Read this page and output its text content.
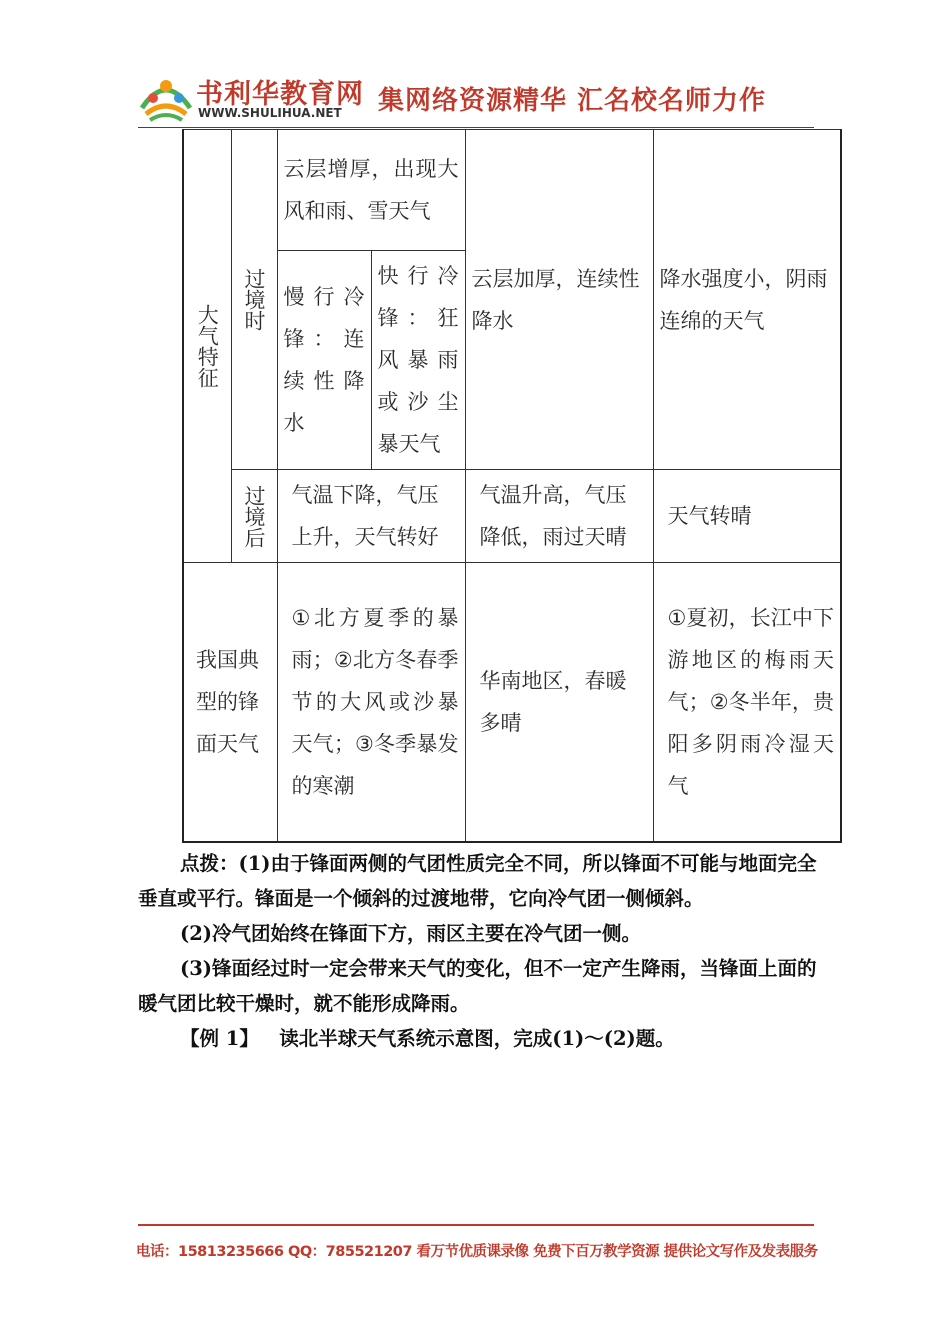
书利华教育网
WWW.SHULIHUA.NET 集网络资源精华 汇名校名师力作
大气特征	过境时	云层增厚，出现大风和雨、雪天气		云层加厚，连续性降水	降水强度小，阴雨连绵的天气
		慢行冷锋：连续性降水	快行冷锋：狂风暴雨或沙尘暴天气		
	过境后	气温下降，气压上升，天气转好		气温升高，气压降低，雨过天晴	天气转晴
我国典型的锋面天气		①北方夏季的暴雨；②北方冬春季节的大风或沙暴天气；③冬季暴发的寒潮		华南地区，春暖多晴	①夏初，长江中下游地区的梅雨天气；②冬半年，贵阳多阴雨冷湿天气

点拨：(1)由于锋面两侧的气团性质完全不同，所以锋面不可能与地面完全垂直或平行。锋面是一个倾斜的过渡地带，它向冷气团一侧倾斜。

(2)冷气团始终在锋面下方，雨区主要在冷气团一侧。

(3)锋面经过时一定会带来天气的变化，但不一定产生降雨，当锋面上面的暖气团比较干燥时，就不能形成降雨。

【例 1】 读北半球天气系统示意图，完成(1)～(2)题。

电话：15813235666 QQ：785521207 看万节优质课录像 免费下百万教学资源 提供论文写作及发表服务
